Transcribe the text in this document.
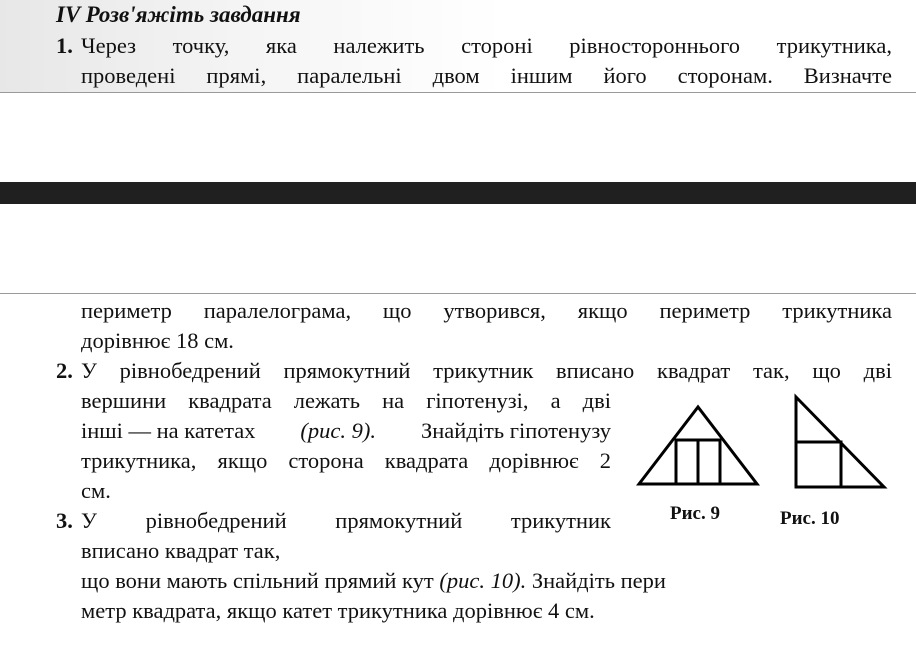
IV Розв'яжіть завдання
1. Через точку, яка належить стороні рівностороннього трикутника,
проведені прямі, паралельні двом іншим його сторонам. Визначте
периметр паралелограма, що утворився, якщо периметр трикутника
дорівнює 18 см.
2. У рівнобедрений прямокутний трикутник вписано квадрат так, що дві
вершини квадрата лежать на гіпотенузі, а дві
інші — на катетах (рис. 9). Знайдіть гіпотенузу
трикутника, якщо сторона квадрата дорівнює 2
см.
3. У рівнобедрений прямокутний трикутник
вписано квадрат так,
що вони мають спільний прямий кут (рис. 10). Знайдіть пери
метр квадрата, якщо катет трикутника дорівнює 4 см.
Рис. 9	Рис. 10
